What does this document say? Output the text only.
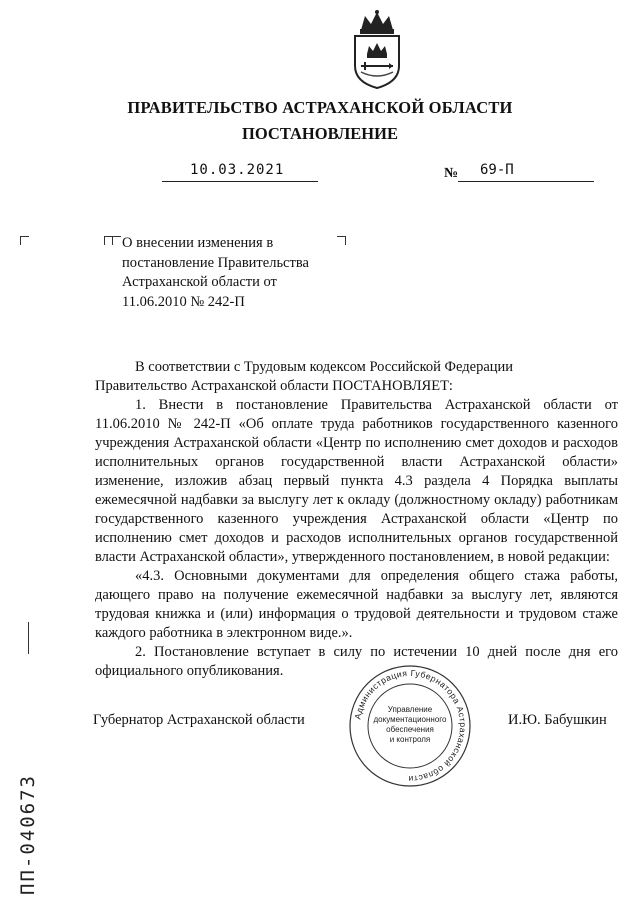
ПРАВИТЕЛЬСТВО АСТРАХАНСКОЙ ОБЛАСТИ
ПОСТАНОВЛЕНИЕ
10.03.2021	№ 69-П
О внесении изменения в
постановление Правительства
Астраханской области от
11.06.2010 № 242-П
В соответствии с Трудовым кодексом Российской Федерации
Правительство Астраханской области ПОСТАНОВЛЯЕТ:

1. Внести в постановление Правительства Астраханской области от 11.06.2010 № 242-П «Об оплате труда работников государственного казенного учреждения Астраханской области «Центр по исполнению смет доходов и расходов исполнительных органов государственной власти Астраханской области» изменение, изложив абзац первый пункта 4.3 раздела 4 Порядка выплаты ежемесячной надбавки за выслугу лет к окладу (должностному окладу) работникам государственного казенного учреждения Астраханской области «Центр по исполнению смет доходов и расходов исполнительных органов государственной власти Астраханской области», утвержденного постановлением, в новой редакции:

«4.3. Основными документами для определения общего стажа работы, дающего право на получение ежемесячной надбавки за выслугу лет, являются трудовая книжка и (или) информация о трудовой деятельности и трудовом стаже каждого работника в электронном виде.».

2. Постановление вступает в силу по истечении 10 дней после дня его официального опубликования.

Губернатор Астраханской области	И.Ю. Бабушкин
Администрация Губернатора Астраханской области
Управление
документационного
обеспечения
и контроля
ПП-040673
